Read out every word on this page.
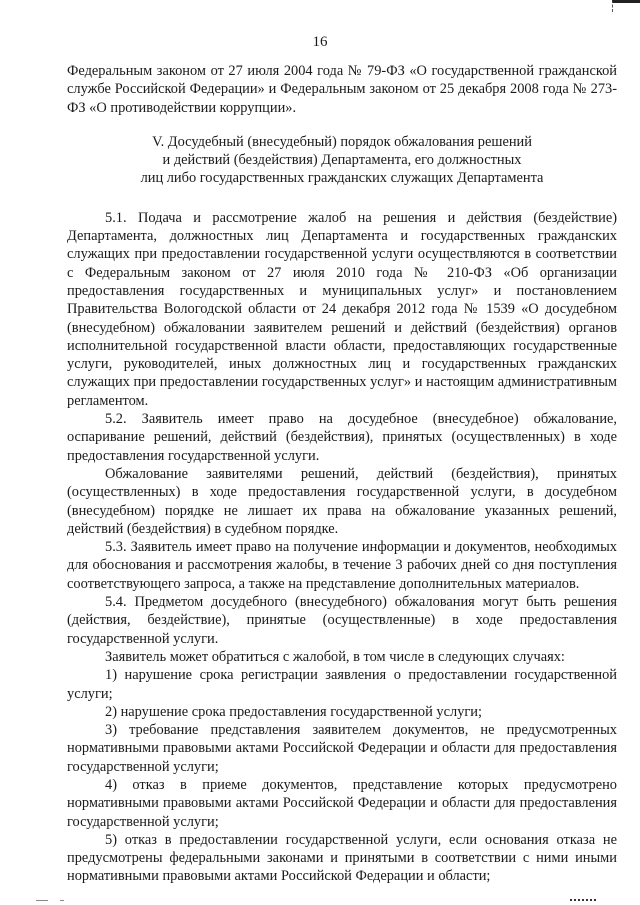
16

Федеральным законом от 27 июля 2004 года № 79-ФЗ «О государственной гражданской службе Российской Федерации» и Федеральным законом от 25 декабря 2008 года № 273-ФЗ «О противодействии коррупции».

V. Досудебный (внесудебный) порядок обжалования решений
и действий (бездействия) Департамента, его должностных
лиц либо государственных гражданских служащих Департамента

5.1. Подача и рассмотрение жалоб на решения и действия (бездействие) Департамента, должностных лиц Департамента и государственных гражданских служащих при предоставлении государственной услуги осуществляются в соответствии с Федеральным законом от 27 июля 2010 года № 210-ФЗ «Об организации предоставления государственных и муниципальных услуг» и постановлением Правительства Вологодской области от 24 декабря 2012 года № 1539 «О досудебном (внесудебном) обжаловании заявителем решений и действий (бездействия) органов исполнительной государственной власти области, предоставляющих государственные услуги, руководителей, иных должностных лиц и государственных гражданских служащих при предоставлении государственных услуг» и настоящим административным регламентом.

5.2. Заявитель имеет право на досудебное (внесудебное) обжалование, оспаривание решений, действий (бездействия), принятых (осуществленных) в ходе предоставления государственной услуги.

Обжалование заявителями решений, действий (бездействия), принятых (осуществленных) в ходе предоставления государственной услуги, в досудебном (внесудебном) порядке не лишает их права на обжалование указанных решений, действий (бездействия) в судебном порядке.

5.3. Заявитель имеет право на получение информации и документов, необходимых для обоснования и рассмотрения жалобы, в течение 3 рабочих дней со дня поступления соответствующего запроса, а также на представление дополнительных материалов.

5.4. Предметом досудебного (внесудебного) обжалования могут быть решения (действия, бездействие), принятые (осуществленные) в ходе предоставления государственной услуги.

Заявитель может обратиться с жалобой, в том числе в следующих случаях:

1) нарушение срока регистрации заявления о предоставлении государственной услуги;

2) нарушение срока предоставления государственной услуги;

3) требование представления заявителем документов, не предусмотренных нормативными правовыми актами Российской Федерации и области для предоставления государственной услуги;

4) отказ в приеме документов, представление которых предусмотрено нормативными правовыми актами Российской Федерации и области для предоставления государственной услуги;

5) отказ в предоставлении государственной услуги, если основания отказа не предусмотрены федеральными законами и принятыми в соответствии с ними иными нормативными правовыми актами Российской Федерации и области;
